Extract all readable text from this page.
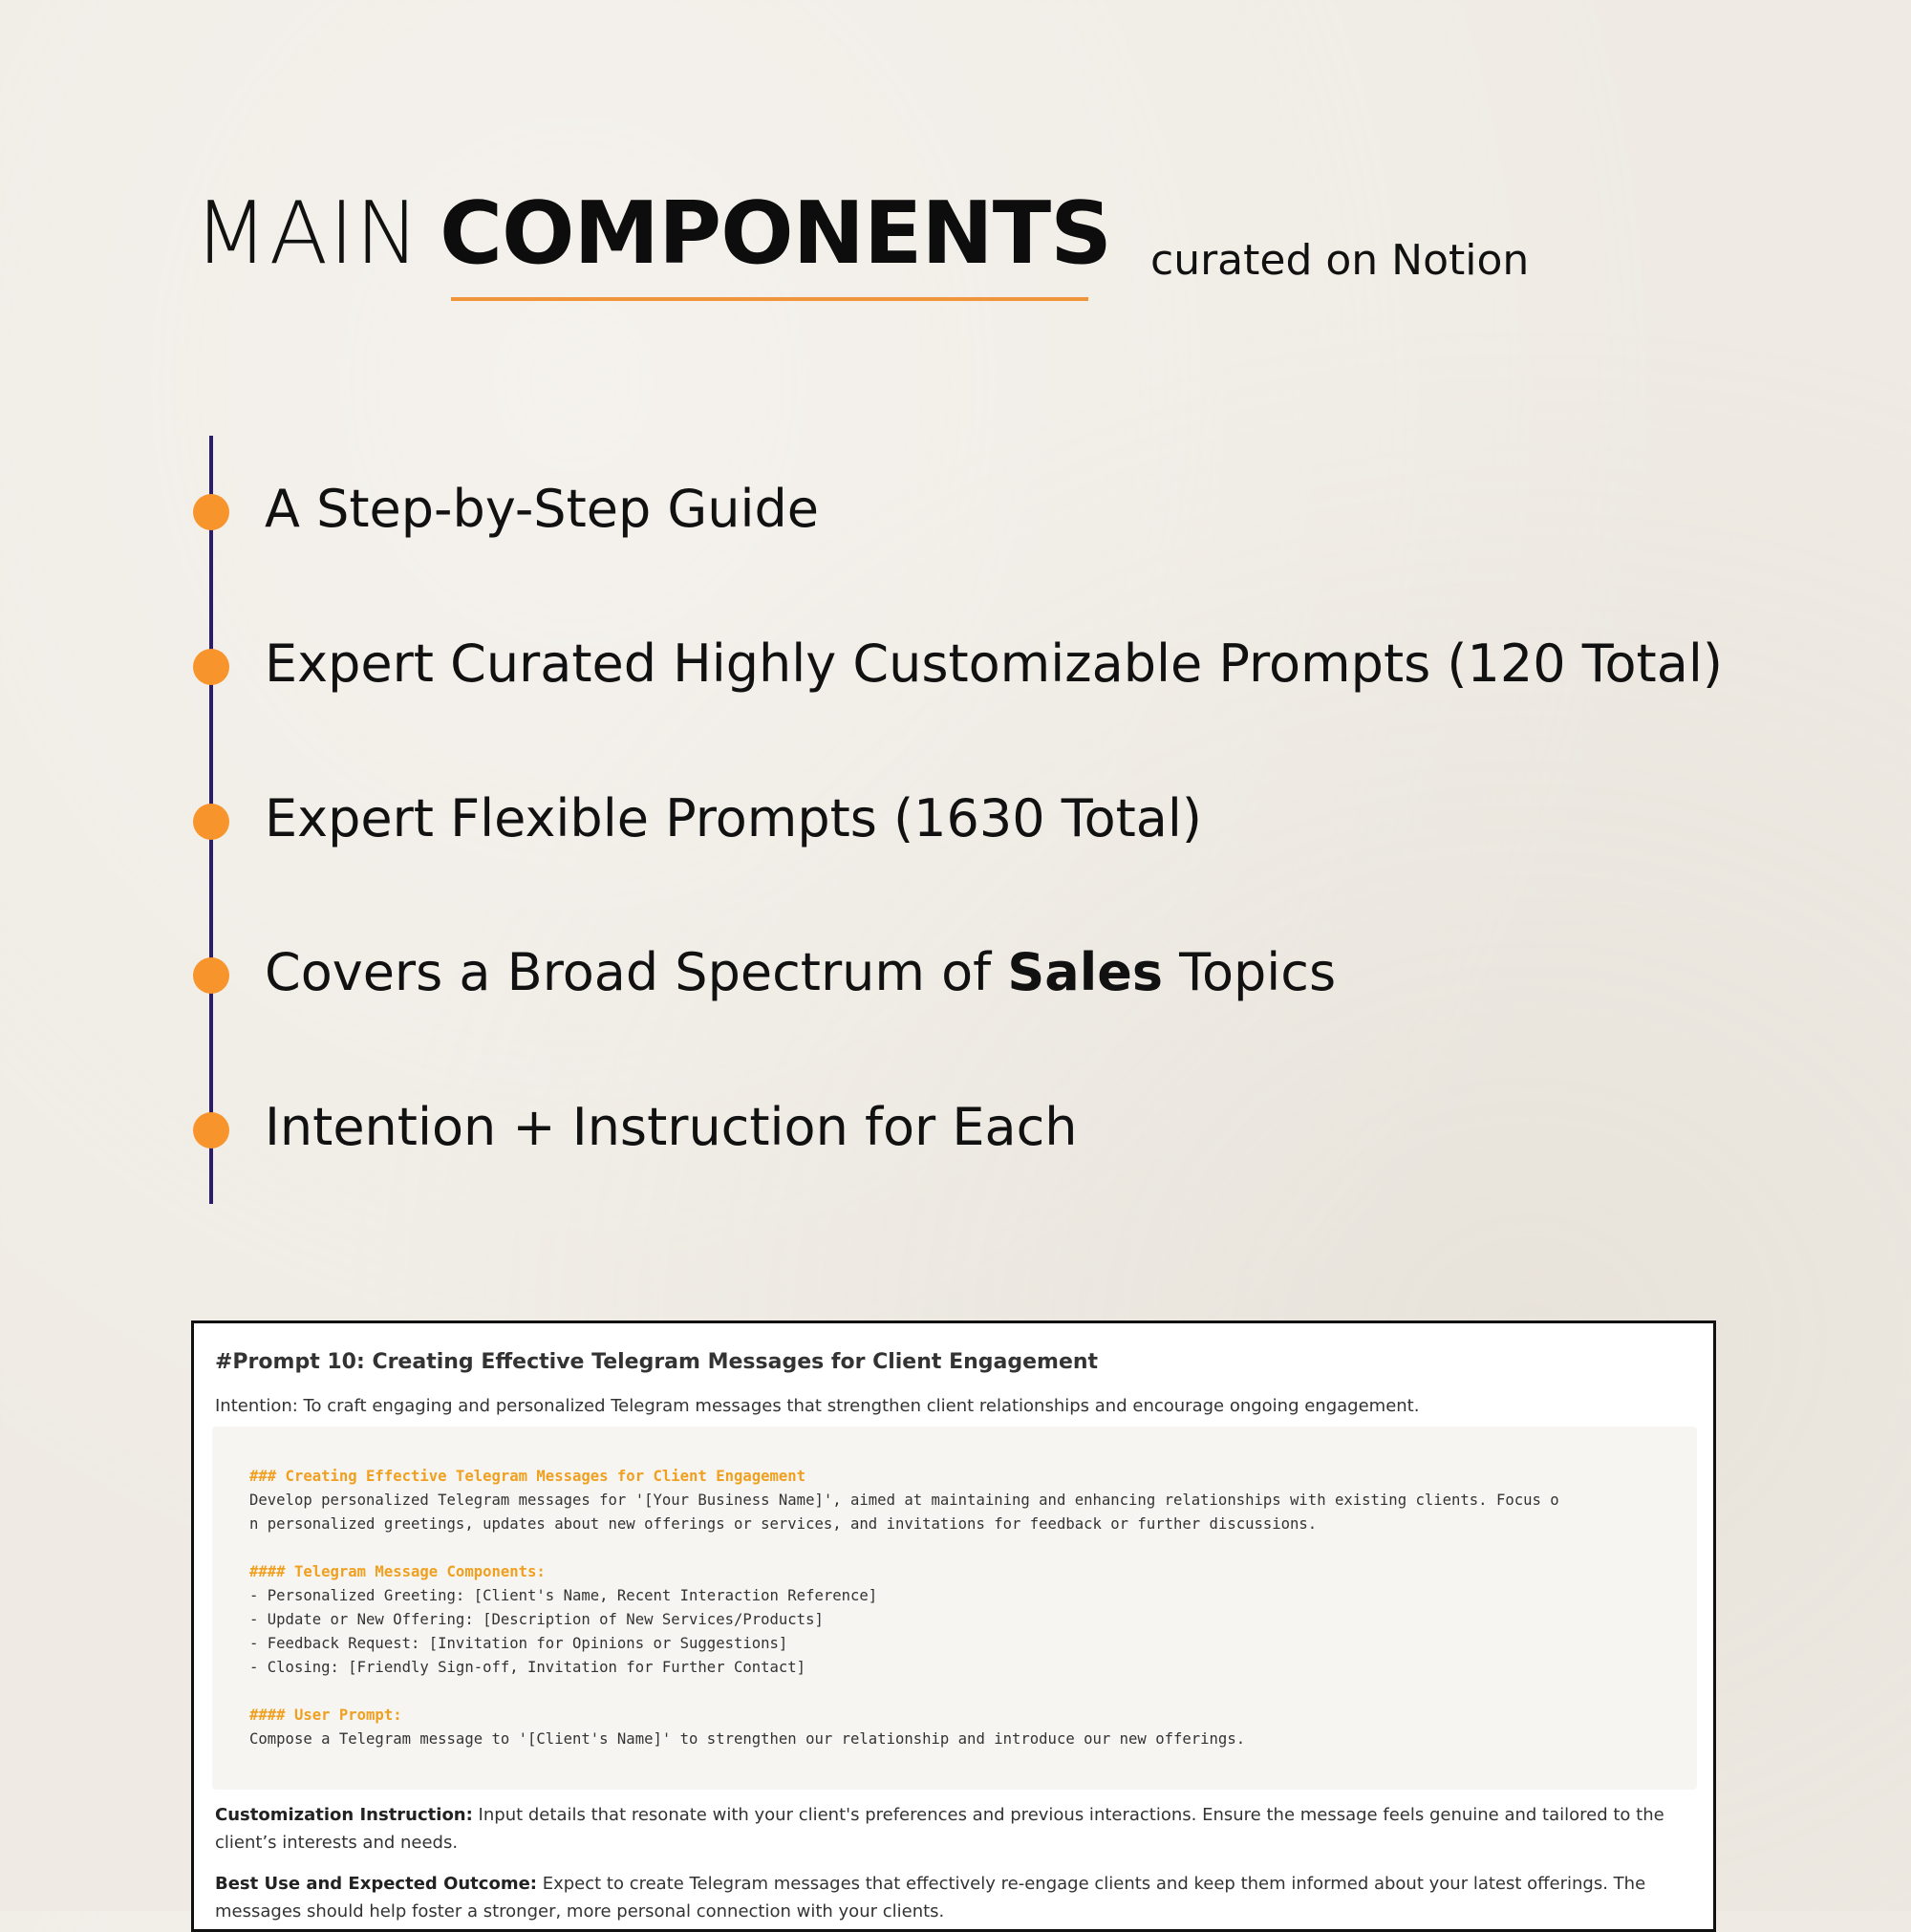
MAIN COMPONENTS curated on Notion
A Step-by-Step Guide
Expert Curated Highly Customizable Prompts (120 Total)
Expert Flexible Prompts (1630 Total)
Covers a Broad Spectrum of Sales Topics
Intention + Instruction for Each
#Prompt 10: Creating Effective Telegram Messages for Client Engagement
Intention: To craft engaging and personalized Telegram messages that strengthen client relationships and encourage ongoing engagement.
### Creating Effective Telegram Messages for Client Engagement
Develop personalized Telegram messages for '[Your Business Name]', aimed at maintaining and enhancing relationships with existing clients. Focus o
n personalized greetings, updates about new offerings or services, and invitations for feedback or further discussions.
#### Telegram Message Components:
- Personalized Greeting: [Client's Name, Recent Interaction Reference]
- Update or New Offering: [Description of New Services/Products]
- Feedback Request: [Invitation for Opinions or Suggestions]
- Closing: [Friendly Sign-off, Invitation for Further Contact]
#### User Prompt:
Compose a Telegram message to '[Client's Name]' to strengthen our relationship and introduce our new offerings.
Customization Instruction: Input details that resonate with your client's preferences and previous interactions. Ensure the message feels genuine and tailored to the client’s interests and needs.
Best Use and Expected Outcome: Expect to create Telegram messages that effectively re-engage clients and keep them informed about your latest offerings. The messages should help foster a stronger, more personal connection with your clients.
